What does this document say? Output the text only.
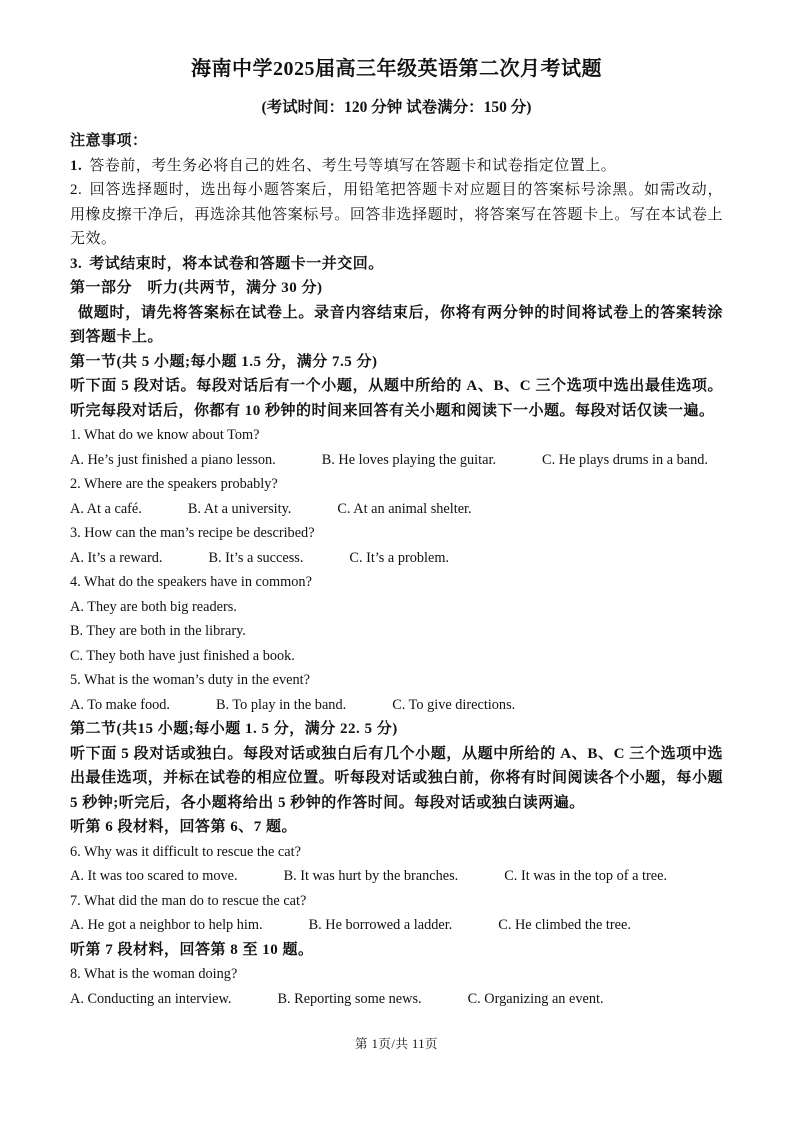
海南中学2025届高三年级英语第二次月考试题
(考试时间：120 分钟 试卷满分：150 分)
注意事项：
1. 答卷前，考生务必将自己的姓名、考生号等填写在答题卡和试卷指定位置上。
2. 回答选择题时，选出每小题答案后，用铅笔把答题卡对应题目的答案标号涂黑。如需改动，用橡皮擦干净后，再选涂其他答案标号。回答非选择题时，将答案写在答题卡上。写在本试卷上无效。
3. 考试结束时，将本试卷和答题卡一并交回。
第一部分　听力(共两节，满分 30 分)
做题时，请先将答案标在试卷上。录音内容结束后，你将有两分钟的时间将试卷上的答案转涂到答题卡上。
第一节(共 5 小题;每小题 1.5 分，满分 7.5 分)
听下面 5 段对话。每段对话后有一个小题，从题中所给的 A、B、C 三个选项中选出最佳选项。听完每段对话后，你都有 10 秒钟的时间来回答有关小题和阅读下一小题。每段对话仅读一遍。
1. What do we know about Tom?
A. He’s just finished a piano lesson.	B. He loves playing the guitar.	C. He plays drums in a band.
2. Where are the speakers probably?
A. At a café.	B. At a university.	C. At an animal shelter.
3. How can the man’s recipe be described?
A. It’s a reward.	B. It’s a success.	C. It’s a problem.
4. What do the speakers have in common?
A. They are both big readers.
B. They are both in the library.
C. They both have just finished a book.
5. What is the woman’s duty in the event?
A. To make food.	B. To play in the band.	C. To give directions.
第二节(共15 小题;每小题 1. 5 分，满分 22. 5 分)
听下面 5 段对话或独白。每段对话或独白后有几个小题，从题中所给的 A、B、C 三个选项中选出最佳选项，并标在试卷的相应位置。听每段对话或独白前，你将有时间阅读各个小题，每小题 5 秒钟;听完后，各小题将给出 5 秒钟的作答时间。每段对话或独白读两遍。
听第 6 段材料，回答第 6、7 题。
6. Why was it difficult to rescue the cat?
A. It was too scared to move.	B. It was hurt by the branches.	C. It was in the top of a tree.
7. What did the man do to rescue the cat?
A. He got a neighbor to help him.	B. He borrowed a ladder.	C. He climbed the tree.
听第 7 段材料，回答第 8 至 10 题。
8. What is the woman doing?
A. Conducting an interview.	B. Reporting some news.	C. Organizing an event.
第 1页/共 11页
